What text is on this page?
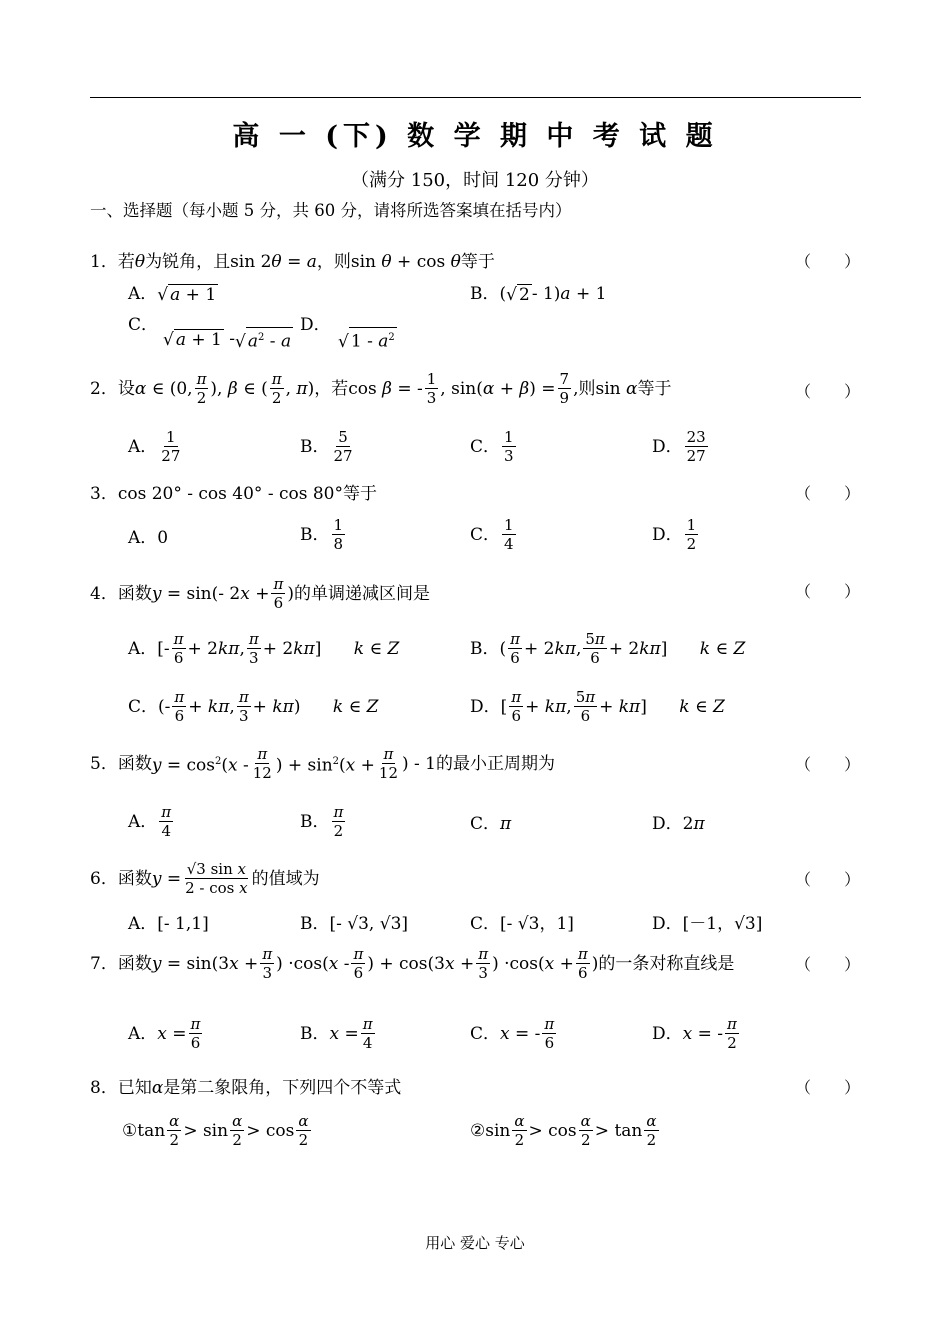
高 一 (下) 数 学 期 中 考 试 题
（满分 150，时间 120 分钟）
一、选择题（每小题 5 分，共 60 分，请将所选答案填在括号内）
1． 若 θ 为锐角，且 sin 2θ = a ，则 sin θ + cos θ 等于	（ ）
A． √ a + 1	B． ( √ 2 - 1)a + 1
C．
√ a + 1 - √ $a^2$ - a
D．
√ $1 - a^2$
2． 设 α ∈ (0, $\frac{\pi}{2}$ ), β ∈ ( $\frac{\pi}{2}$ , π) ，若 cos β = - $\frac{1}{3}$ , $\sin(\alpha + \beta) = \frac{7}{9}$ ,则 sin α 等于	（ ）
A． $\frac{1}{27}$	B． $\frac{5}{27}$	C． $\frac{1}{3}$	D． $\frac{23}{27}$
3． cos 20° - cos 40° - cos 80° 等于	（ ）
A．0	B． $\frac{1}{8}$	C． $\frac{1}{4}$	D． $\frac{1}{2}$
4． 函数 y = sin(- $2x + \frac{\pi}{6}$ ) 的单调递减区间是	（ ）
A． [- $\frac{\pi}{6} + 2k\pi$, $\frac{\pi}{3} + 2k\pi$]      k ∈ Z	B． ( $\frac{\pi}{6} + 2k\pi$, $\frac{5\pi}{6} + 2k\pi$]      k ∈ Z
C． (- $\frac{\pi}{6} + k\pi$, $\frac{\pi}{3} + k\pi$)      k ∈ Z	D． [ $\frac{\pi}{6} + k\pi$, $\frac{5\pi}{6} + k\pi$]      k ∈ Z
5． 函数 $y = \cos^2(x - \frac{\pi}{12}$ ) + $\sin^2(x + \frac{\pi}{12}$ ) - 1 的最小正周期为	（ ）
A． $\frac{\pi}{4}$	B． $\frac{\pi}{2}$	C． π	D． 2π
6． 函数 $y = \frac{\text{√3 sin x}}{\text{2 - cos x}}$ 的值域为	（ ）
A． [- 1,1]	B． [- √3, √3]	C． [- √3，1]	D． [－1，√3]
7． 函数 $y = \sin(3x + \frac{\pi}{3}$ ) $\cdot\cos(x - \frac{\pi}{6}$ ) + $\cos(3x + \frac{\pi}{3}$ ) $\cdot\cos(x + \frac{\pi}{6}$ ) 的一条对称直线是	（ ）
A． $x = \frac{\pi}{6}$	B． $x = \frac{\pi}{4}$	C． x = - $\frac{\pi}{6}$	D． x = - $\frac{\pi}{2}$
8． 已知 α 是第二象限角，下列四个不等式	（ ）
① $\tan \frac{\alpha}{2} > \sin \frac{\alpha}{2} > \cos \frac{\alpha}{2}$	② $\sin \frac{\alpha}{2} > \cos \frac{\alpha}{2} > \tan \frac{\alpha}{2}$
用心 爱心 专心
